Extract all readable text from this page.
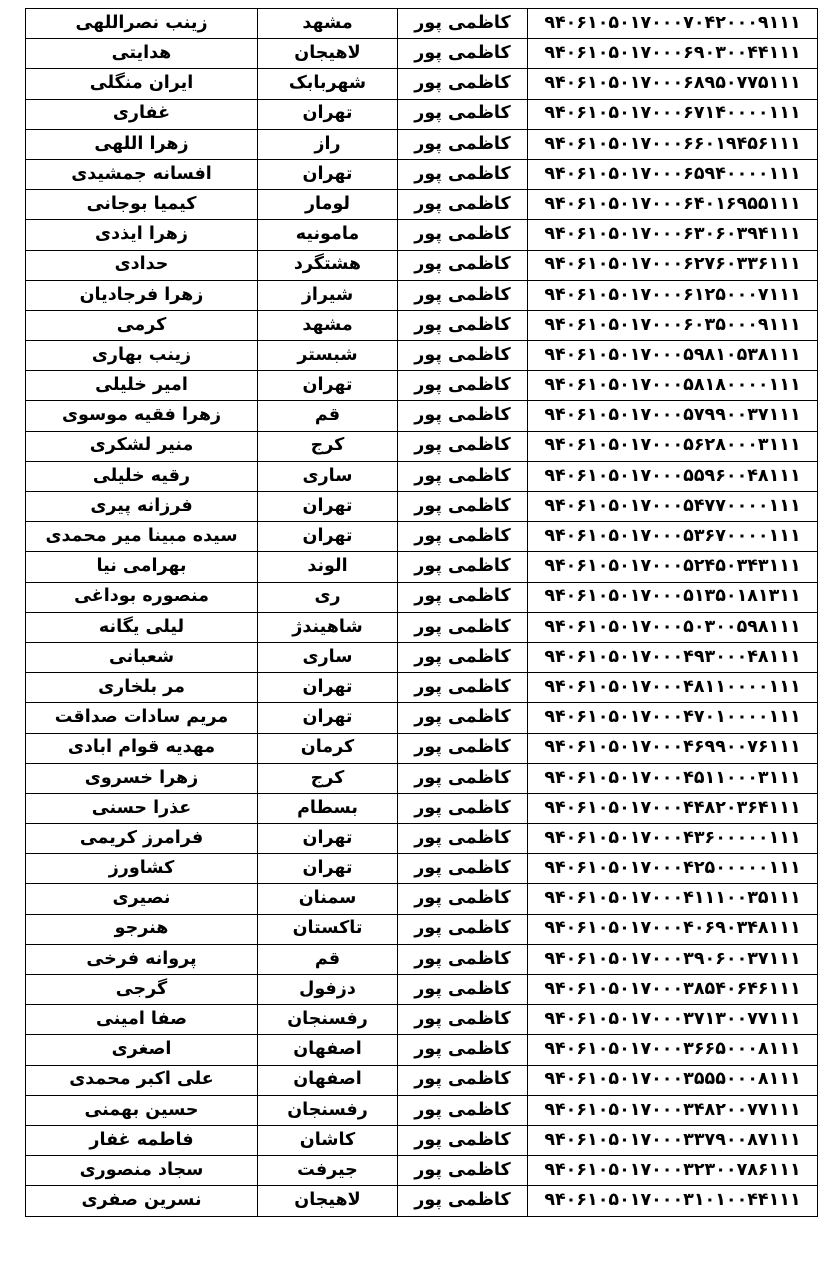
زینب نصراللهی	مشهد	کاظمی پور	۹۴۰۶۱۰۵۰۱۷۰۰۰۷۰۴۲۰۰۰۹۱۱۱
هدایتی	لاهیجان	کاظمی پور	۹۴۰۶۱۰۵۰۱۷۰۰۰۶۹۰۳۰۰۴۴۱۱۱
ایران منگلی	شهربابک	کاظمی پور	۹۴۰۶۱۰۵۰۱۷۰۰۰۶۸۹۵۰۷۷۵۱۱۱
غفاری	تهران	کاظمی پور	۹۴۰۶۱۰۵۰۱۷۰۰۰۶۷۱۴۰۰۰۰۱۱۱
زهرا اللهی	راز	کاظمی پور	۹۴۰۶۱۰۵۰۱۷۰۰۰۶۶۰۱۹۴۵۶۱۱۱
افسانه جمشیدی	تهران	کاظمی پور	۹۴۰۶۱۰۵۰۱۷۰۰۰۶۵۹۴۰۰۰۰۱۱۱
کیمیا بوجانی	لومار	کاظمی پور	۹۴۰۶۱۰۵۰۱۷۰۰۰۶۴۰۱۶۹۵۵۱۱۱
زهرا ایذدی	مامونیه	کاظمی پور	۹۴۰۶۱۰۵۰۱۷۰۰۰۶۳۰۶۰۳۹۴۱۱۱
حدادی	هشتگرد	کاظمی پور	۹۴۰۶۱۰۵۰۱۷۰۰۰۶۲۷۶۰۳۳۶۱۱۱
زهرا فرجادیان	شیراز	کاظمی پور	۹۴۰۶۱۰۵۰۱۷۰۰۰۶۱۲۵۰۰۰۷۱۱۱
کرمی	مشهد	کاظمی پور	۹۴۰۶۱۰۵۰۱۷۰۰۰۶۰۳۵۰۰۰۹۱۱۱
زینب بهاری	شبستر	کاظمی پور	۹۴۰۶۱۰۵۰۱۷۰۰۰۵۹۸۱۰۵۳۸۱۱۱
امیر خلیلی	تهران	کاظمی پور	۹۴۰۶۱۰۵۰۱۷۰۰۰۵۸۱۸۰۰۰۰۱۱۱
زهرا فقیه موسوی	قم	کاظمی پور	۹۴۰۶۱۰۵۰۱۷۰۰۰۵۷۹۹۰۰۳۷۱۱۱
منیر لشکری	کرج	کاظمی پور	۹۴۰۶۱۰۵۰۱۷۰۰۰۵۶۲۸۰۰۰۳۱۱۱
رقیه خلیلی	ساری	کاظمی پور	۹۴۰۶۱۰۵۰۱۷۰۰۰۵۵۹۶۰۰۴۸۱۱۱
فرزانه پیری	تهران	کاظمی پور	۹۴۰۶۱۰۵۰۱۷۰۰۰۵۴۷۷۰۰۰۰۱۱۱
سیده مبینا میر محمدی	تهران	کاظمی پور	۹۴۰۶۱۰۵۰۱۷۰۰۰۵۳۶۷۰۰۰۰۱۱۱
بهرامی نیا	الوند	کاظمی پور	۹۴۰۶۱۰۵۰۱۷۰۰۰۵۲۴۵۰۳۴۳۱۱۱
منصوره بوداغی	ری	کاظمی پور	۹۴۰۶۱۰۵۰۱۷۰۰۰۵۱۳۵۰۱۸۱۳۱۱
لیلی یگانه	شاهیندژ	کاظمی پور	۹۴۰۶۱۰۵۰۱۷۰۰۰۵۰۳۰۰۵۹۸۱۱۱
شعبانی	ساری	کاظمی پور	۹۴۰۶۱۰۵۰۱۷۰۰۰۴۹۳۰۰۰۴۸۱۱۱
مر بلخاری	تهران	کاظمی پور	۹۴۰۶۱۰۵۰۱۷۰۰۰۴۸۱۱۰۰۰۰۱۱۱
مریم سادات صداقت	تهران	کاظمی پور	۹۴۰۶۱۰۵۰۱۷۰۰۰۴۷۰۱۰۰۰۰۱۱۱
مهدیه قوام ابادی	کرمان	کاظمی پور	۹۴۰۶۱۰۵۰۱۷۰۰۰۴۶۹۹۰۰۷۶۱۱۱
زهرا خسروی	کرج	کاظمی پور	۹۴۰۶۱۰۵۰۱۷۰۰۰۴۵۱۱۰۰۰۳۱۱۱
عذرا حسنی	بسطام	کاظمی پور	۹۴۰۶۱۰۵۰۱۷۰۰۰۴۴۸۲۰۳۶۴۱۱۱
فرامرز کریمی	تهران	کاظمی پور	۹۴۰۶۱۰۵۰۱۷۰۰۰۴۳۶۰۰۰۰۰۱۱۱
کشاورز	تهران	کاظمی پور	۹۴۰۶۱۰۵۰۱۷۰۰۰۴۲۵۰۰۰۰۰۱۱۱
نصیری	سمنان	کاظمی پور	۹۴۰۶۱۰۵۰۱۷۰۰۰۴۱۱۱۰۰۳۵۱۱۱
هنرجو	تاکستان	کاظمی پور	۹۴۰۶۱۰۵۰۱۷۰۰۰۴۰۶۹۰۳۴۸۱۱۱
پروانه فرخی	قم	کاظمی پور	۹۴۰۶۱۰۵۰۱۷۰۰۰۳۹۰۶۰۰۳۷۱۱۱
گرجی	دزفول	کاظمی پور	۹۴۰۶۱۰۵۰۱۷۰۰۰۳۸۵۴۰۶۴۶۱۱۱
صفا امینی	رفسنجان	کاظمی پور	۹۴۰۶۱۰۵۰۱۷۰۰۰۳۷۱۳۰۰۷۷۱۱۱
اصغری	اصفهان	کاظمی پور	۹۴۰۶۱۰۵۰۱۷۰۰۰۳۶۶۵۰۰۰۸۱۱۱
علی اکبر محمدی	اصفهان	کاظمی پور	۹۴۰۶۱۰۵۰۱۷۰۰۰۳۵۵۵۰۰۰۸۱۱۱
حسین بهمنی	رفسنجان	کاظمی پور	۹۴۰۶۱۰۵۰۱۷۰۰۰۳۴۸۲۰۰۷۷۱۱۱
فاطمه غفار	کاشان	کاظمی پور	۹۴۰۶۱۰۵۰۱۷۰۰۰۳۳۷۹۰۰۸۷۱۱۱
سجاد منصوری	جیرفت	کاظمی پور	۹۴۰۶۱۰۵۰۱۷۰۰۰۳۲۳۰۰۷۸۶۱۱۱
نسرین صفری	لاهیجان	کاظمی پور	۹۴۰۶۱۰۵۰۱۷۰۰۰۳۱۰۱۰۰۴۴۱۱۱
